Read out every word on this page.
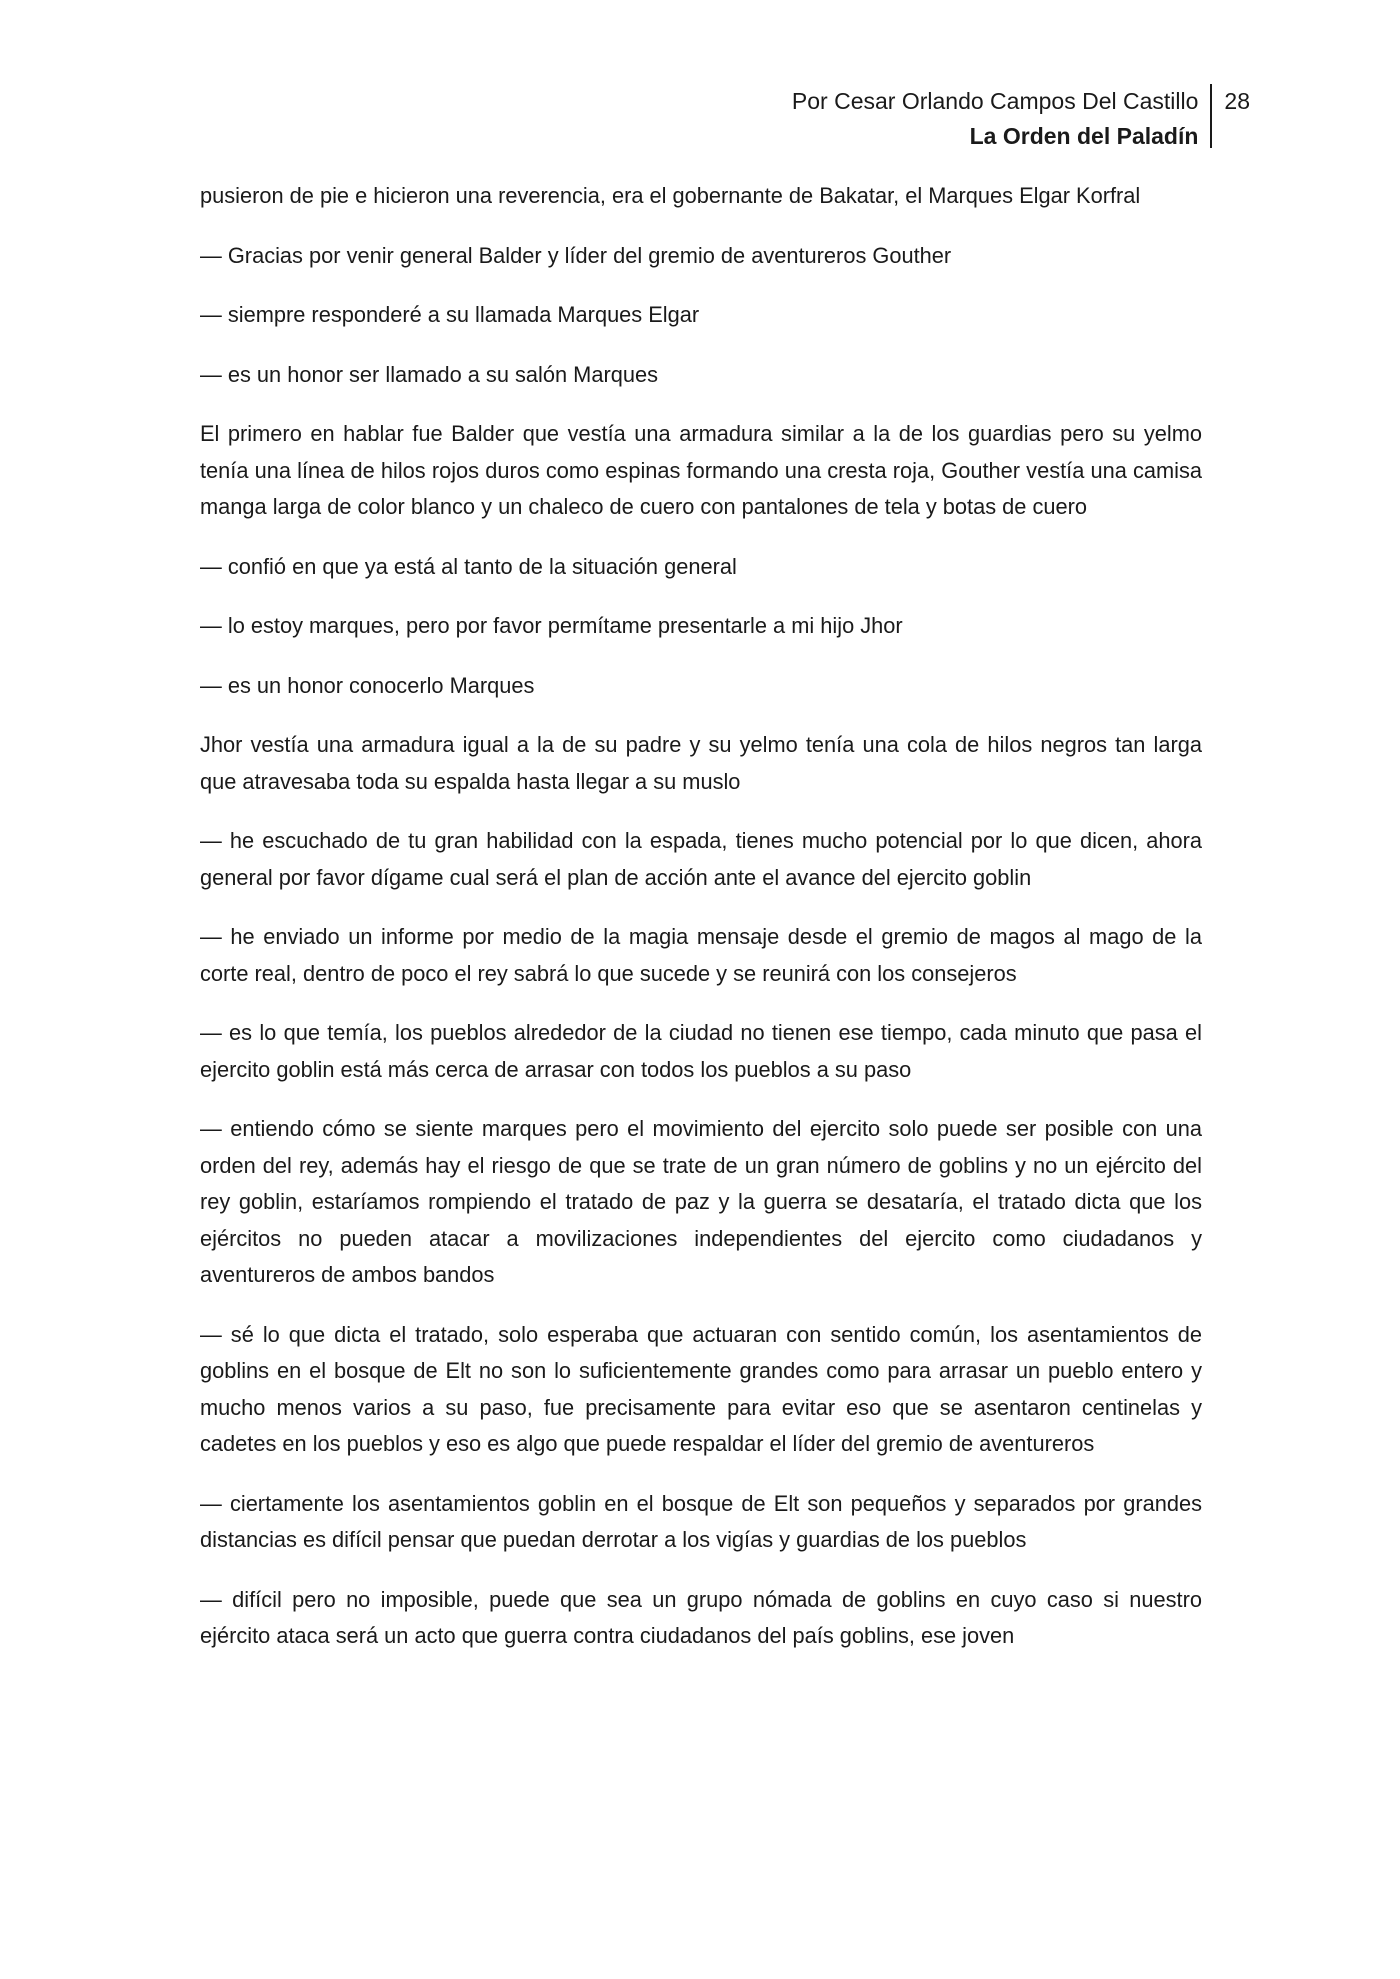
Por Cesar Orlando Campos Del Castillo
La Orden del Paladín
28

pusieron de pie e hicieron una reverencia, era el gobernante de Bakatar, el Marques Elgar Korfral

— Gracias por venir general Balder y líder del gremio de aventureros Gouther

— siempre responderé a su llamada Marques Elgar

— es un honor ser llamado a su salón Marques

El primero en hablar fue Balder que vestía una armadura similar a la de los guardias pero su yelmo tenía una línea de hilos rojos duros como espinas formando una cresta roja, Gouther vestía una camisa manga larga de color blanco y un chaleco de cuero con pantalones de tela y botas de cuero

— confió en que ya está al tanto de la situación general

— lo estoy marques, pero por favor permítame presentarle a mi hijo Jhor

— es un honor conocerlo Marques

Jhor vestía una armadura igual a la de su padre y su yelmo tenía una cola de hilos negros tan larga que atravesaba toda su espalda hasta llegar a su muslo

— he escuchado de tu gran habilidad con la espada, tienes mucho potencial por lo que dicen, ahora general por favor dígame cual será el plan de acción ante el avance del ejercito goblin

— he enviado un informe por medio de la magia mensaje desde el gremio de magos al mago de la corte real, dentro de poco el rey sabrá lo que sucede y se reunirá con los consejeros

— es lo que temía, los pueblos alrededor de la ciudad no tienen ese tiempo, cada minuto que pasa el ejercito goblin está más cerca de arrasar con todos los pueblos a su paso

— entiendo cómo se siente marques pero el movimiento del ejercito solo puede ser posible con una orden del rey, además hay el riesgo de que se trate de un gran número de goblins y no un ejército del rey goblin, estaríamos rompiendo el tratado de paz y la guerra se desataría, el tratado dicta que los ejércitos no pueden atacar a movilizaciones independientes del ejercito como ciudadanos y aventureros de ambos bandos

— sé lo que dicta el tratado, solo esperaba que actuaran con sentido común, los asentamientos de goblins en el bosque de Elt no son lo suficientemente grandes como para arrasar un pueblo entero y mucho menos varios a su paso, fue precisamente para evitar eso que se asentaron centinelas y cadetes en los pueblos y eso es algo que puede respaldar el líder del gremio de aventureros

— ciertamente los asentamientos goblin en el bosque de Elt son pequeños y separados por grandes distancias es difícil pensar que puedan derrotar a los vigías y guardias de los pueblos

— difícil pero no imposible, puede que sea un grupo nómada de goblins en cuyo caso si nuestro ejército ataca será un acto que guerra contra ciudadanos del país goblins, ese joven
